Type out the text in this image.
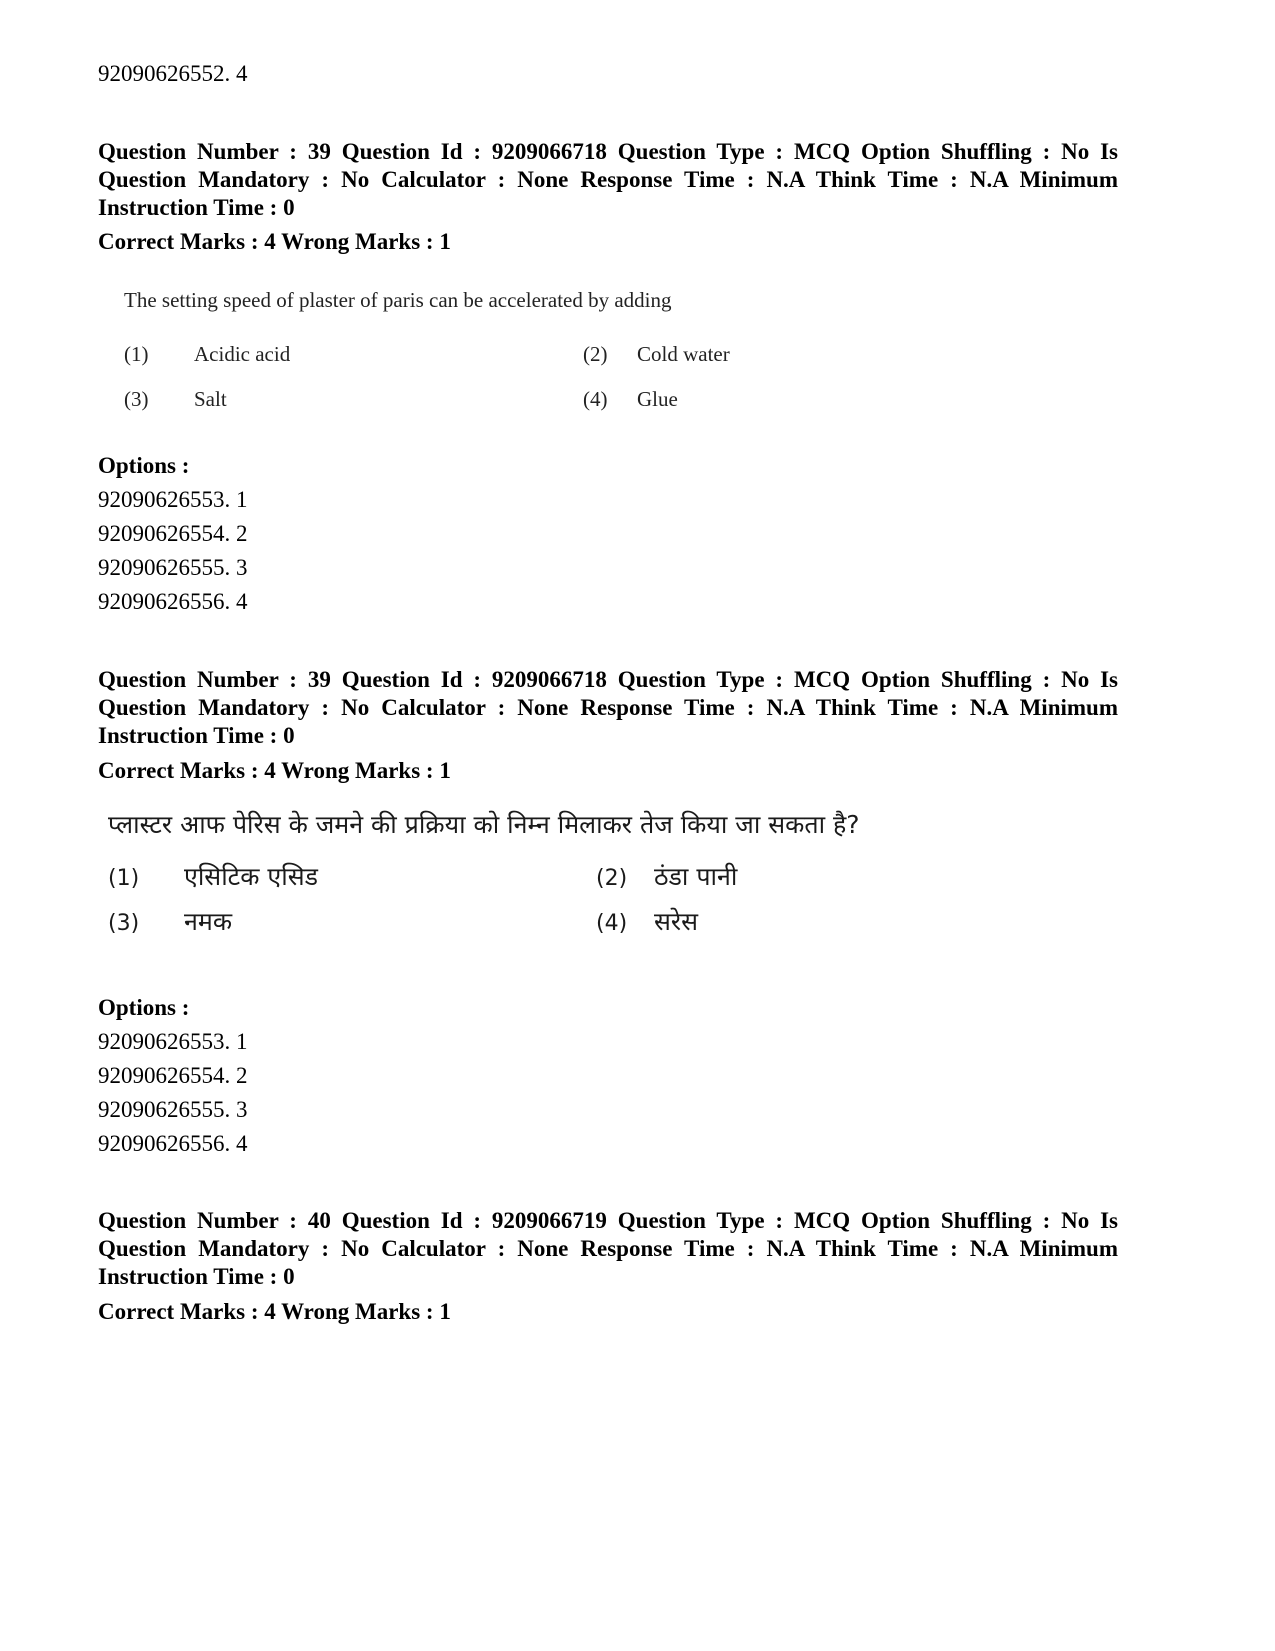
92090626552. 4
Question Number : 39 Question Id : 9209066718 Question Type : MCQ Option Shuffling : No Is Question Mandatory : No Calculator : None Response Time : N.A Think Time : N.A Minimum Instruction Time : 0
Correct Marks : 4 Wrong Marks : 1
The setting speed of plaster of paris can be accelerated by adding
(1) Acidic acid	(2) Cold water
(3) Salt	(4) Glue
Options :
92090626553. 1
92090626554. 2
92090626555. 3
92090626556. 4
Question Number : 39 Question Id : 9209066718 Question Type : MCQ Option Shuffling : No Is Question Mandatory : No Calculator : None Response Time : N.A Think Time : N.A Minimum Instruction Time : 0
Correct Marks : 4 Wrong Marks : 1
प्लास्टर आफ पेरिस के जमने की प्रक्रिया को निम्न मिलाकर तेज किया जा सकता है?
(1) एसिटिक एसिड	(2) ठंडा पानी
(3) नमक	(4) सरेस
Options :
92090626553. 1
92090626554. 2
92090626555. 3
92090626556. 4
Question Number : 40 Question Id : 9209066719 Question Type : MCQ Option Shuffling : No Is Question Mandatory : No Calculator : None Response Time : N.A Think Time : N.A Minimum Instruction Time : 0
Correct Marks : 4 Wrong Marks : 1
